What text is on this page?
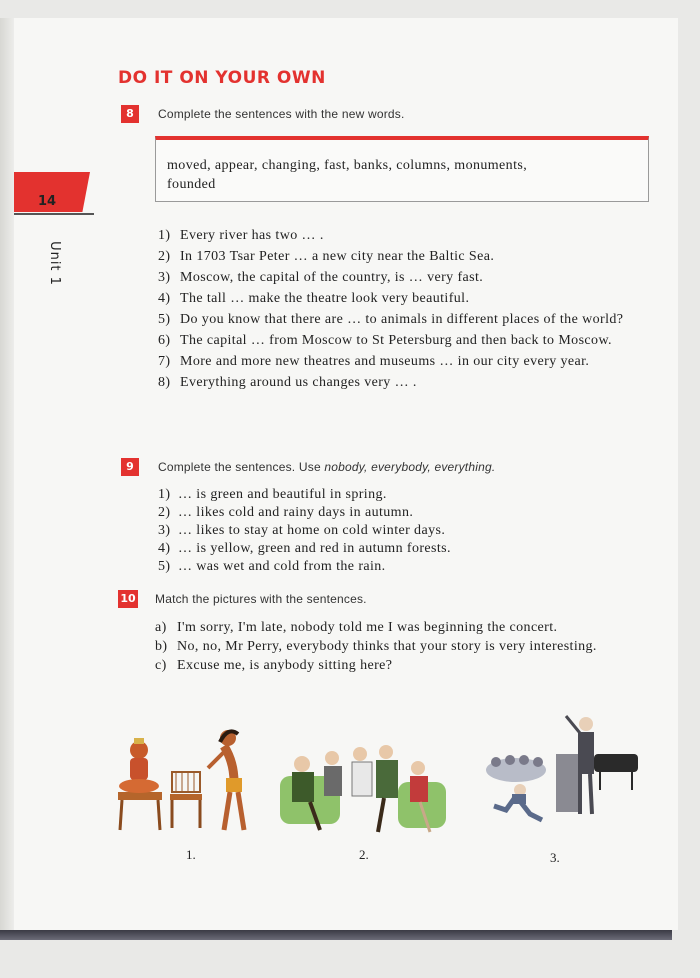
14
Unit 1
DO IT ON YOUR OWN
8	Complete the sentences with the new words.
moved, appear, changing, fast, banks, columns, monuments,
founded
1) Every river has two … .
2) In 1703 Tsar Peter … a new city near the Baltic Sea.
3) Moscow, the capital of the country, is … very fast.
4) The tall … make the theatre look very beautiful.
5) Do you know that there are … to animals in different places of the world?
6) The capital … from Moscow to St Petersburg and then back to Moscow.
7) More and more new theatres and museums … in our city every year.
8) Everything around us changes very … .
9	Complete the sentences. Use nobody, everybody, everything.
1) … is green and beautiful in spring.
2) … likes cold and rainy days in autumn.
3) … likes to stay at home on cold winter days.
4) … is yellow, green and red in autumn forests.
5) … was wet and cold from the rain.
10 Match the pictures with the sentences.
a) I'm sorry, I'm late, nobody told me I was beginning the concert.
b) No, no, Mr Perry, everybody thinks that your story is very interesting.
c) Excuse me, is anybody sitting here?
1.	2.	3.
